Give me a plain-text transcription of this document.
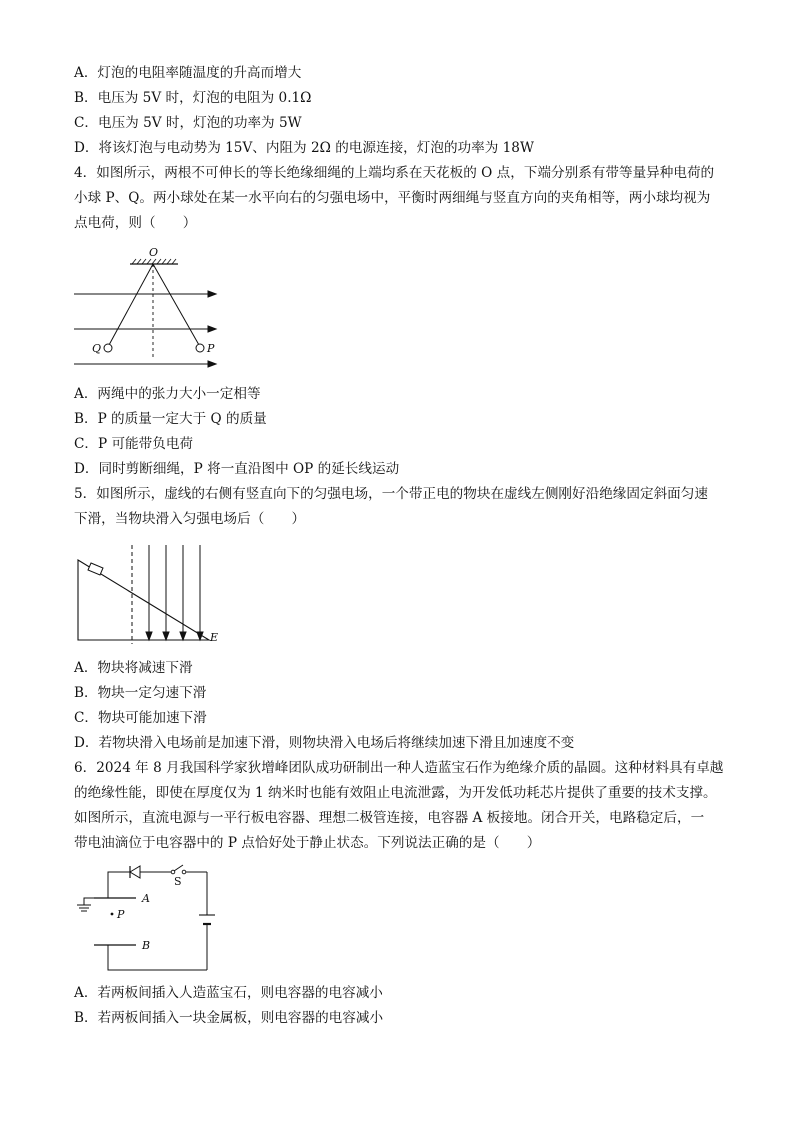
A．灯泡的电阻率随温度的升高而增大
B．电压为 5V 时，灯泡的电阻为 0.1Ω
C．电压为 5V 时，灯泡的功率为 5W
D．将该灯泡与电动势为 15V、内阻为 2Ω 的电源连接，灯泡的功率为 18W
4．如图所示，两根不可伸长的等长绝缘细绳的上端均系在天花板的 O 点，下端分别系有带等量异种电荷的
小球 P、Q。两小球处在某一水平向右的匀强电场中，平衡时两细绳与竖直方向的夹角相等，两小球均视为
点电荷，则（　　）
O
Q	P
A．两绳中的张力大小一定相等
B．P 的质量一定大于 Q 的质量
C．P 可能带负电荷
D．同时剪断细绳，P 将一直沿图中 OP 的延长线运动
5．如图所示，虚线的右侧有竖直向下的匀强电场，一个带正电的物块在虚线左侧刚好沿绝缘固定斜面匀速
下滑，当物块滑入匀强电场后（　　）
E
A．物块将减速下滑
B．物块一定匀速下滑
C．物块可能加速下滑
D．若物块滑入电场前是加速下滑，则物块滑入电场后将继续加速下滑且加速度不变
6．2024 年 8 月我国科学家狄增峰团队成功研制出一种人造蓝宝石作为绝缘介质的晶圆。这种材料具有卓越
的绝缘性能，即使在厚度仅为 1 纳米时也能有效阻止电流泄露，为开发低功耗芯片提供了重要的技术支撑。
如图所示，直流电源与一平行板电容器、理想二极管连接，电容器 A 板接地。闭合开关，电路稳定后，一
带电油滴位于电容器中的 P 点恰好处于静止状态。下列说法正确的是（　　）
S
A
B
P
A．若两板间插入人造蓝宝石，则电容器的电容减小
B．若两板间插入一块金属板，则电容器的电容减小
